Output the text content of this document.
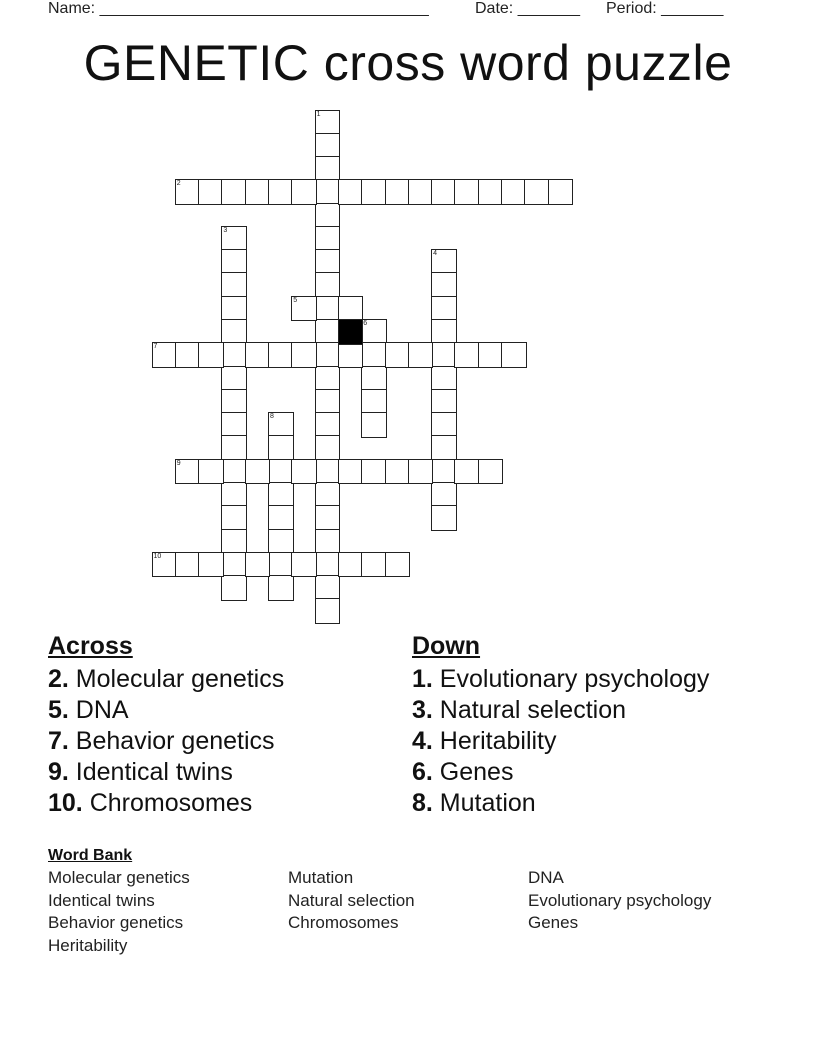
Name: _____________________________________	Date: _______ Period: _______
GENETIC cross word puzzle
1
2
3
4
5
6
7
8
9
10
Across
2. Molecular genetics
5. DNA
7. Behavior genetics
9. Identical twins
10. Chromosomes
Down
1. Evolutionary psychology
3. Natural selection
4. Heritability
6. Genes
8. Mutation
Word Bank
Molecular genetics
Identical twins
Behavior genetics
Heritability
Mutation
Natural selection
Chromosomes
DNA
Evolutionary psychology
Genes
